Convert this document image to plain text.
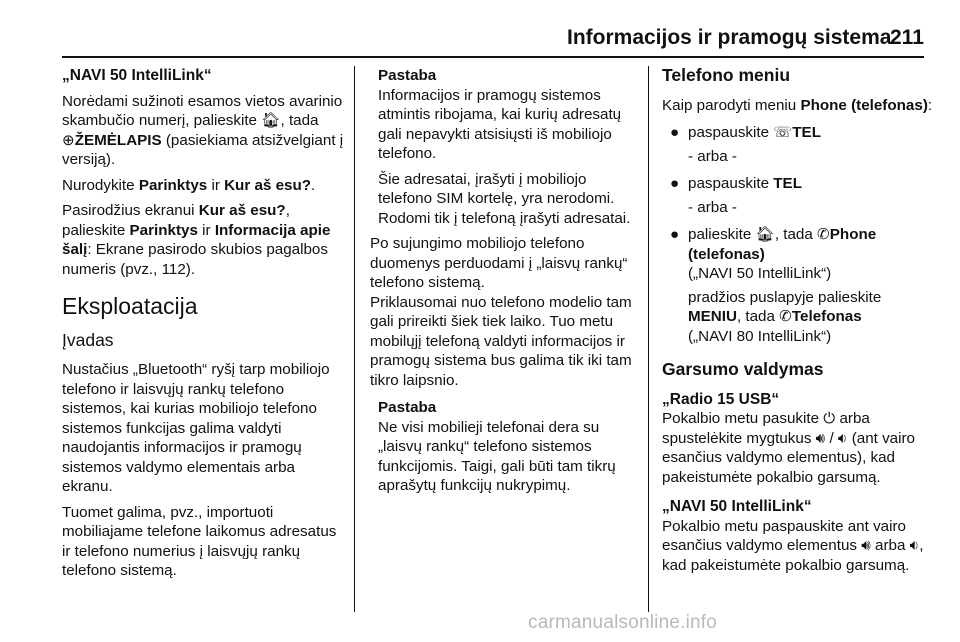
Informacijos ir pramogų sistema
211
„NAVI 50 IntelliLink“

Norėdami sužinoti esamos vietos avarinio skambučio numerį, palieskite 🏠︎, tada ⊕ŽEMĖLAPIS (pasiekiama atsižvelgiant į versiją).

Nurodykite Parinktys ir Kur aš esu?.

Pasirodžius ekranui Kur aš esu?, palieskite Parinktys ir Informacija apie šalį: Ekrane pasirodo skubios pagalbos numeris (pvz., 112).

Eksploatacija
Įvadas

Nustačius „Bluetooth“ ryšį tarp mobiliojo telefono ir laisvųjų rankų telefono sistemos, kai kurias mobiliojo telefono sistemos funkcijas galima valdyti naudojantis informacijos ir pramogų sistemos valdymo elementais arba ekranu.

Tuomet galima, pvz., importuoti mobiliajame telefone laikomus adresatus ir telefono numerius į laisvųjų rankų telefono sistemą.

Pastaba

Informacijos ir pramogų sistemos atmintis ribojama, kai kurių adresatų gali nepavykti atsisiųsti iš mobiliojo telefono.

Šie adresatai, įrašyti į mobiliojo telefono SIM kortelę, yra nerodomi. Rodomi tik į telefoną įrašyti adresatai.

Po sujungimo mobiliojo telefono duomenys perduodami į „laisvų rankų“ telefono sistemą.

Priklausomai nuo telefono modelio tam gali prireikti šiek tiek laiko. Tuo metu mobilųjį telefoną valdyti informacijos ir pramogų sistema bus galima tik iki tam tikro laipsnio.

Pastaba

Ne visi mobilieji telefonai dera su „laisvų rankų“ telefono sistemos funkcijomis. Taigi, gali būti tam tikrų aprašytų funkcijų nukrypimų.

Telefono meniu

Kaip parodyti meniu Phone (telefonas):

● paspauskite ☏TEL
- arba -
● paspauskite TEL
- arba -
● palieskite 🏠︎, tada ✆Phone (telefonas)
(„NAVI 50 IntelliLink“)
pradžios puslapyje palieskite MENIU, tada ✆Telefonas
(„NAVI 80 IntelliLink“)
Garsumo valdymas
„Radio 15 USB“

Pokalbio metu pasukite ⏻ arba spustelėkite mygtukus 🔊︎ / 🔉︎ (ant vairo esančius valdymo elementus), kad pakeistumėte pokalbio garsumą.

„NAVI 50 IntelliLink“

Pokalbio metu paspauskite ant vairo esančius valdymo elementus 🔊︎ arba 🔉︎, kad pakeistumėte pokalbio garsumą.

carmanualsonline.info
